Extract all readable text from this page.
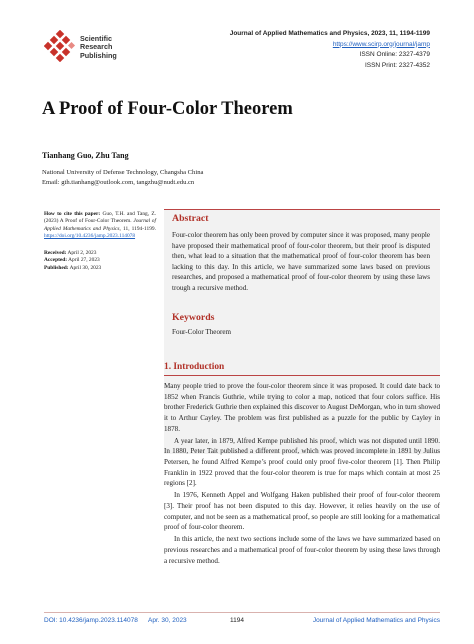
Scientific
Research
Publishing
Journal of Applied Mathematics and Physics, 2023, 11, 1194-1199
https://www.scirp.org/journal/jamp
ISSN Online: 2327-4379
ISSN Print: 2327-4352
A Proof of Four-Color Theorem
Tianhang Guo, Zhu Tang
National University of Defense Technology, Changsha China
Email: gth.tianhang@outlook.com, tangzhu@nudt.edu.cn
How to cite this paper: Guo, T.H. and Tang, Z. (2023) A Proof of Four-Color Theorem. Journal of Applied Mathematics and Physics, 11, 1194-1199. https://doi.org/10.4236/jamp.2023.114078
Received: April 2, 2023
Accepted: April 27, 2023
Published: April 30, 2023
Abstract
Four-color theorem has only been proved by computer since it was proposed, many people have proposed their mathematical proof of four-color theorem, but their proof is disputed then, what lead to a situation that the mathematical proof of four-color theorem has been lacking to this day. In this article, we have summarized some laws based on previous researches, and proposed a mathematical proof of four-color theorem by using these laws trough a recursive method.
Keywords
Four-Color Theorem
1. Introduction

Many people tried to prove the four-color theorem since it was proposed. It could date back to 1852 when Francis Guthrie, while trying to color a map, noticed that four colors suffice. His brother Frederick Guthrie then explained this discover to August DeMorgan, who in turn showed it to Arthur Cayley. The problem was first published as a puzzle for the public by Cayley in 1878.

A year later, in 1879, Alfred Kempe published his proof, which was not disputed until 1890. In 1880, Peter Tait published a different proof, which was proved incomplete in 1891 by Julius Petersen, he found Alfred Kempe’s proof could only proof five-color theorem [1]. Then Philip Franklin in 1922 proved that the four-color theorem is true for maps which contain at most 25 regions [2].

In 1976, Kenneth Appel and Wolfgang Haken published their proof of four-color theorem [3]. Their proof has not been disputed to this day. However, it relies heavily on the use of computer, and not be seen as a mathematical proof, so people are still looking for a mathematical proof of four-color theorem.

In this article, the next two sections include some of the laws we have summarized based on previous researches and a mathematical proof of four-color theorem by using these laws through a recursive method.

DOI: 10.4236/jamp.2023.114078 Apr. 30, 2023	1194	Journal of Applied Mathematics and Physics
